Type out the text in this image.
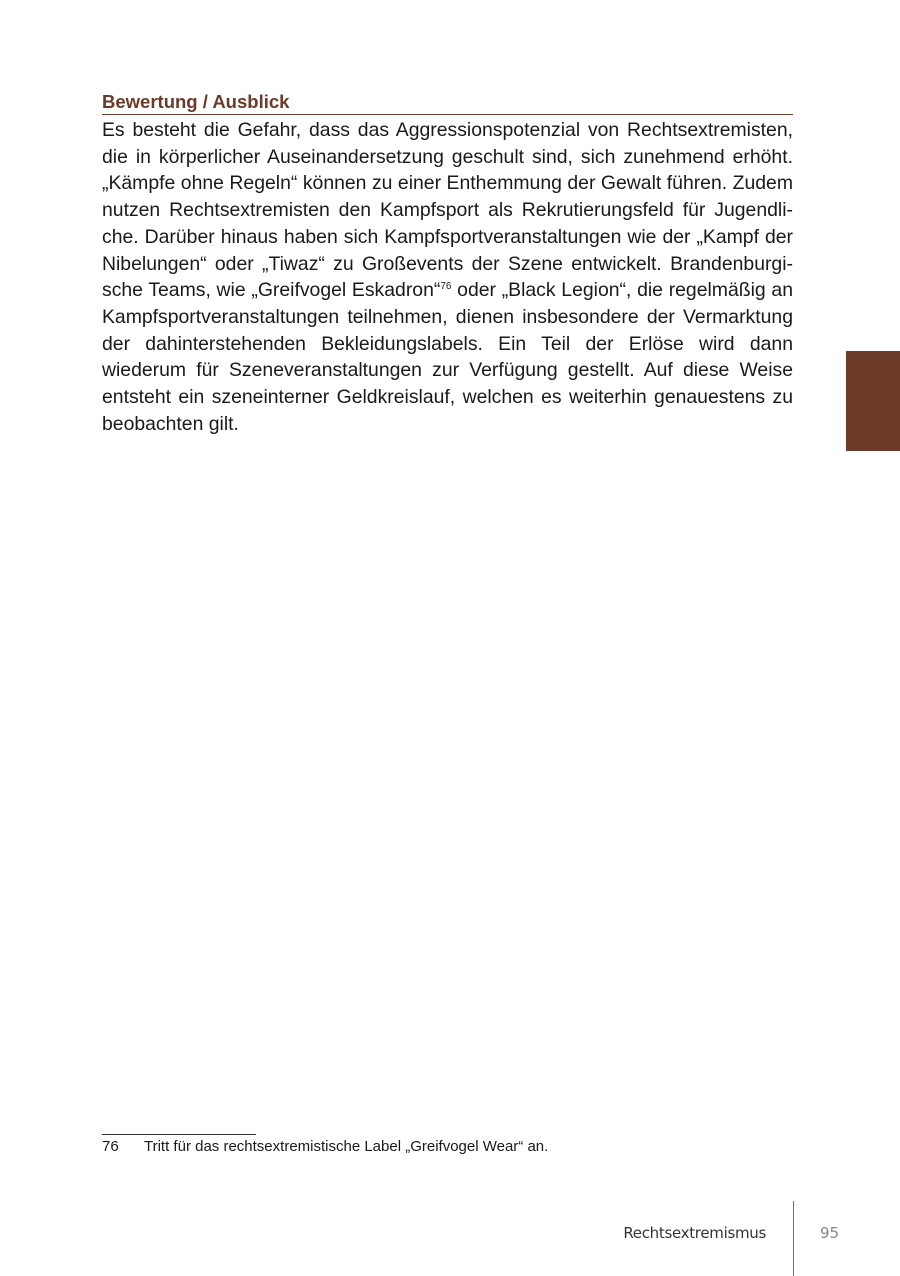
Bewertung / Ausblick

Es besteht die Gefahr, dass das Aggressionspotenzial von Rechtsextremisten, die in körperlicher Auseinandersetzung geschult sind, sich zunehmend erhöht. „Kämpfe ohne Regeln“ können zu einer Enthemmung der Gewalt führen. Zudem nutzen Rechtsextremisten den Kampfsport als Rekrutierungsfeld für Jugendliche. Darüber hinaus haben sich Kampfsportveranstaltungen wie der „Kampf der Nibelungen“ oder „Tiwaz“ zu Großevents der Szene entwickelt. Brandenburgische Teams, wie „Greifvogel Eskadron“$^{76}$ oder „Black Legion“, die regelmäßig an Kampfsportveranstaltungen teilnehmen, dienen insbesondere der Vermarktung der dahinterstehenden Bekleidungslabels. Ein Teil der Erlöse wird dann wiederum für Szeneveranstaltungen zur Verfügung gestellt. Auf diese Weise entsteht ein szeneinterner Geldkreislauf, welchen es weiterhin genauestens zu beobachten gilt.

76 Tritt für das rechtsextremistische Label „Greifvogel Wear“ an.
Rechtsextremismus	95
